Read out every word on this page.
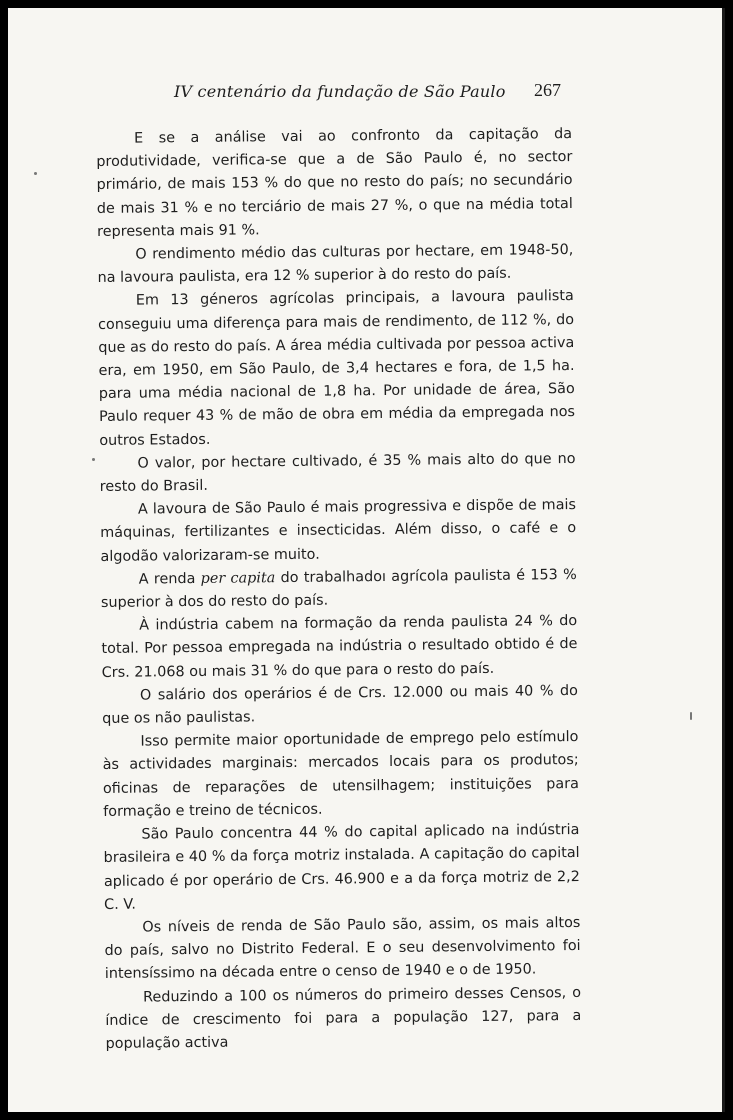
IV centenário da fundação de São Paulo 267

E se a análise vai ao confronto da capitação da produtividade, verifica-se que a de São Paulo é, no sector primário, de mais 153 % do que no resto do país; no secundário de mais 31 % e no terciário de mais 27 %, o que na média total representa mais 91 %.

O rendimento médio das culturas por hectare, em 1948-50, na lavoura paulista, era 12 % superior à do resto do país.

Em 13 géneros agrícolas principais, a lavoura paulista conseguiu uma diferença para mais de rendimento, de 112 %, do que as do resto do país. A área média cultivada por pessoa activa era, em 1950, em São Paulo, de 3,4 hectares e fora, de 1,5 ha. para uma média nacional de 1,8 ha. Por unidade de área, São Paulo requer 43 % de mão de obra em média da empregada nos outros Estados.

O valor, por hectare cultivado, é 35 % mais alto do que no resto do Brasil.

A lavoura de São Paulo é mais progressiva e dispõe de mais máquinas, fertilizantes e insecticidas. Além disso, o café e o algodão valorizaram-se muito.

A renda per capita do trabalhadoı agrícola paulista é 153 % superior à dos do resto do país.

À indústria cabem na formação da renda paulista 24 % do total. Por pessoa empregada na indústria o resultado obtido é de Crs. 21.068 ou mais 31 % do que para o resto do país.

O salário dos operários é de Crs. 12.000 ou mais 40 % do que os não paulistas.

Isso permite maior oportunidade de emprego pelo estímulo às actividades marginais: mercados locais para os produtos; oficinas de reparações de utensilhagem; instituições para formação e treino de técnicos.

São Paulo concentra 44 % do capital aplicado na indústria brasileira e 40 % da força motriz instalada. A capitação do capital aplicado é por operário de Crs. 46.900 e a da força motriz de 2,2 C. V.

Os níveis de renda de São Paulo são, assim, os mais altos do país, salvo no Distrito Federal. E o seu desenvolvimento foi intensíssimo na década entre o censo de 1940 e o de 1950.

Reduzindo a 100 os números do primeiro desses Censos, o índice de crescimento foi para a população 127, para a população activa
